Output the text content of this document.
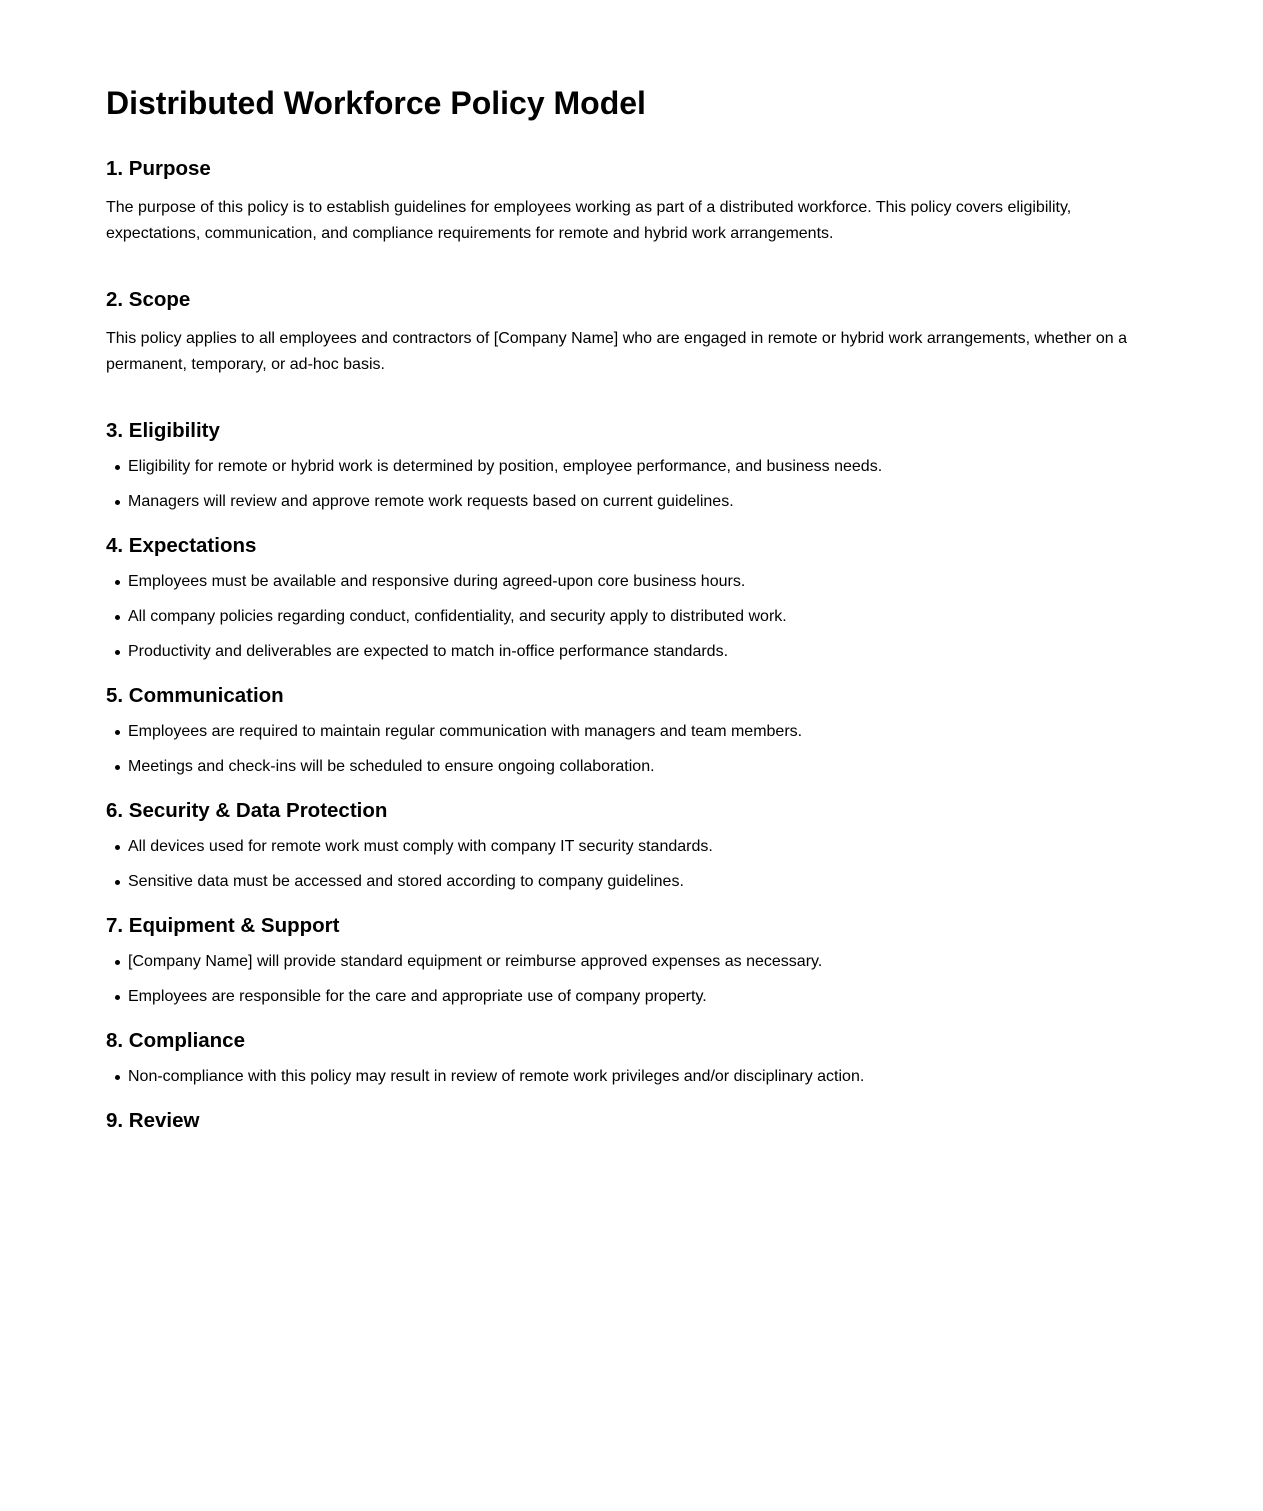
Distributed Workforce Policy Model
1. Purpose

The purpose of this policy is to establish guidelines for employees working as part of a distributed workforce. This policy covers eligibility, expectations, communication, and compliance requirements for remote and hybrid work arrangements.

2. Scope

This policy applies to all employees and contractors of [Company Name] who are engaged in remote or hybrid work arrangements, whether on a permanent, temporary, or ad-hoc basis.

3. Eligibility
Eligibility for remote or hybrid work is determined by position, employee performance, and business needs.
Managers will review and approve remote work requests based on current guidelines.
4. Expectations
Employees must be available and responsive during agreed-upon core business hours.
All company policies regarding conduct, confidentiality, and security apply to distributed work.
Productivity and deliverables are expected to match in-office performance standards.
5. Communication
Employees are required to maintain regular communication with managers and team members.
Meetings and check-ins will be scheduled to ensure ongoing collaboration.
6. Security & Data Protection
All devices used for remote work must comply with company IT security standards.
Sensitive data must be accessed and stored according to company guidelines.
7. Equipment & Support
[Company Name] will provide standard equipment or reimburse approved expenses as necessary.
Employees are responsible for the care and appropriate use of company property.
8. Compliance
Non-compliance with this policy may result in review of remote work privileges and/or disciplinary action.
9. Review
